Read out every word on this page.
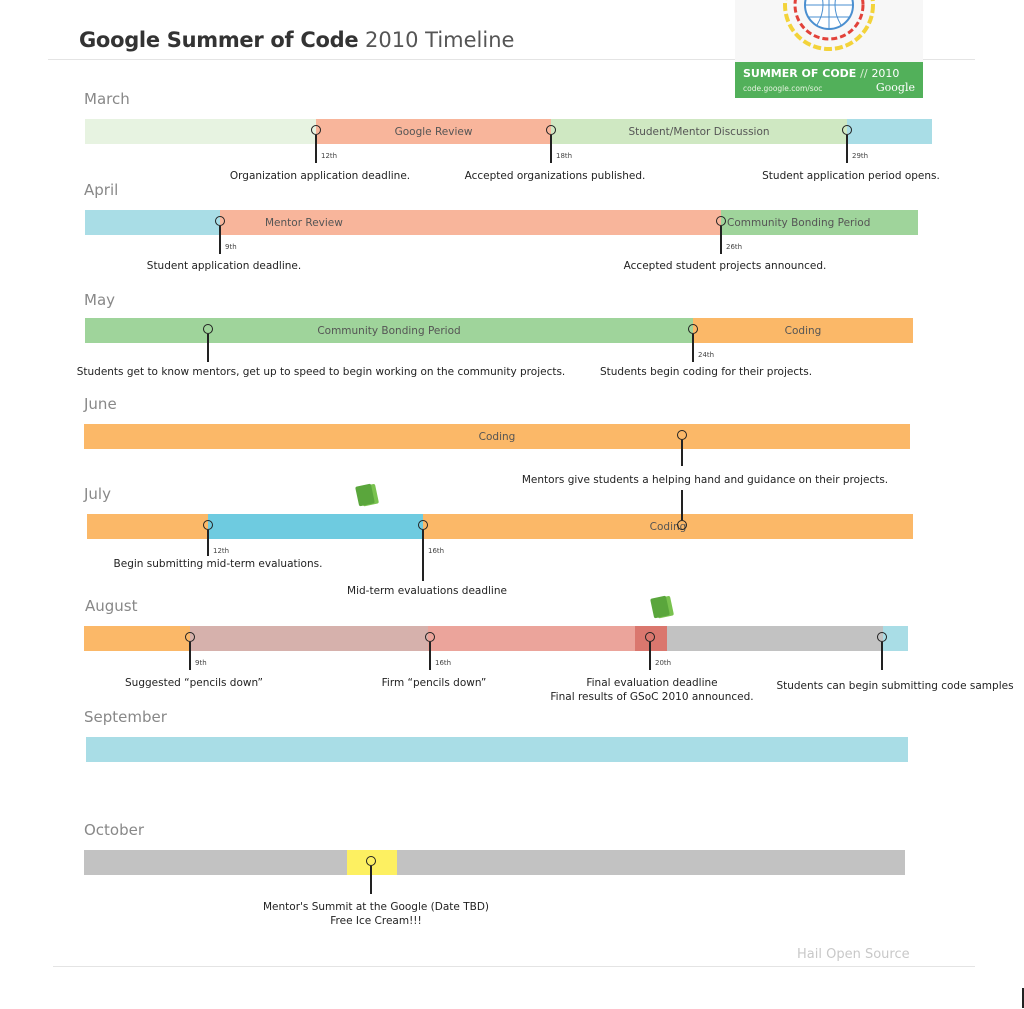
Google Summer of Code 2010 Timeline
SUMMER OF CODE // 2010
code.google.com/soc	Google
March
Google Review	Student/Mentor Discussion
12th
Organization application deadline.
18th
Accepted organizations published.
29th
Student application period opens.
April
Mentor Review	Community Bonding Period
9th
Student application deadline.
26th
Accepted student projects announced.
May
Community Bonding Period	Coding
Students get to know mentors, get up to speed to begin working on the community projects.
24th
Students begin coding for their projects.
June
Coding
Mentors give students a helping hand and guidance on their projects.
July
Coding
12th
Begin submitting mid-term evaluations.
16th
Mid-term evaluations deadline
August
9th
Suggested “pencils down”
16th
Firm “pencils down”
20th
Final evaluation deadline
Final results of GSoC 2010 announced.
Students can begin submitting code samples
September
October
Mentor's Summit at the Google (Date TBD)
Free Ice Cream!!!
Hail Open Source
